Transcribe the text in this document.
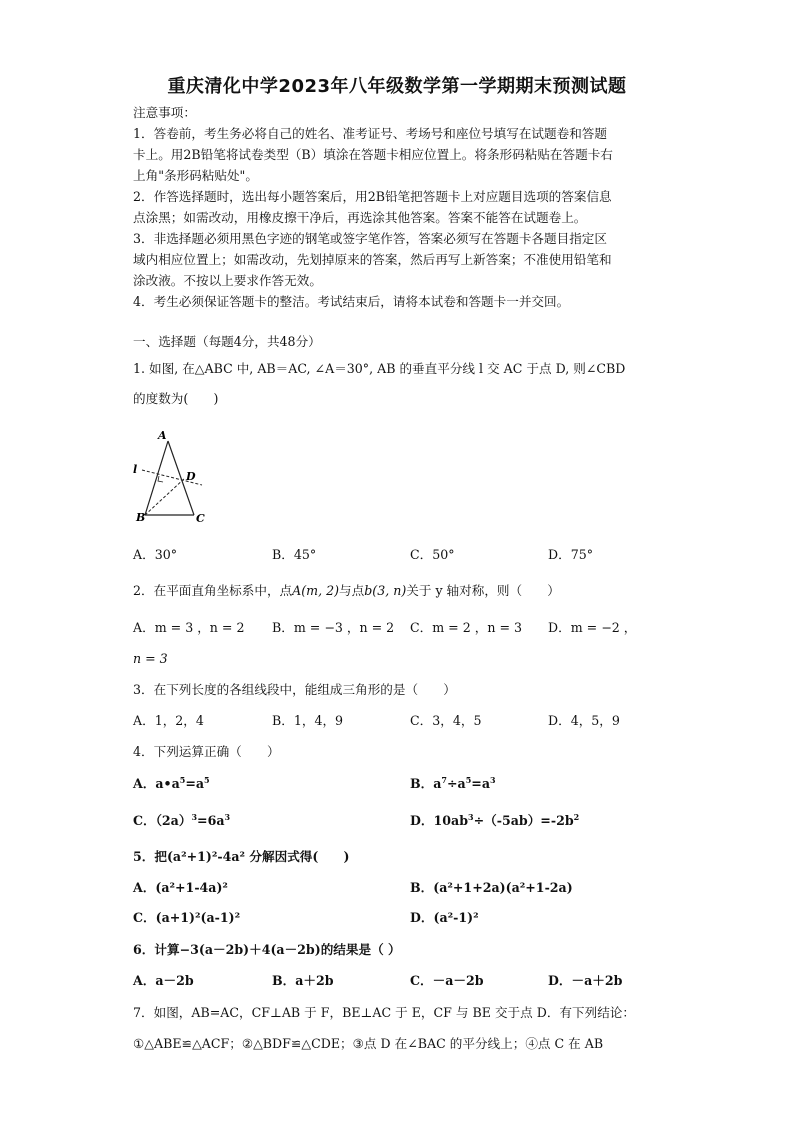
重庆清化中学2023年八年级数学第一学期期末预测试题
注意事项：
1．答卷前，考生务必将自己的姓名、准考证号、考场号和座位号填写在试题卷和答题
卡上。用2B铅笔将试卷类型（B）填涂在答题卡相应位置上。将条形码粘贴在答题卡右
上角"条形码粘贴处"。
2．作答选择题时，选出每小题答案后，用2B铅笔把答题卡上对应题目选项的答案信息
点涂黑；如需改动，用橡皮擦干净后，再选涂其他答案。答案不能答在试题卷上。
3．非选择题必须用黑色字迹的钢笔或签字笔作答，答案必须写在答题卡各题目指定区
域内相应位置上；如需改动，先划掉原来的答案，然后再写上新答案；不准使用铅笔和
涂改液。不按以上要求作答无效。
4．考生必须保证答题卡的整洁。考试结束后，请将本试卷和答题卡一并交回。
一、选择题（每题4分，共48分）
1. 如图, 在△ABC 中, AB＝AC, ∠A＝30°, AB 的垂直平分线 l 交 AC 于点 D, 则∠CBD
的度数为(　　)
A
l
D
B	C
A．30°	B．45°	C．50°	D．75°
2．在平面直角坐标系中，点A(m, 2)与点b(3, n)关于 y 轴对称，则（　　）
A．m = 3 ，n = 2 B．m = −3 ，n = 2 C．m = 2 ，n = 3 D．m = −2 ，
n = 3
3．在下列长度的各组线段中，能组成三角形的是（　　）
A．1，2，4	B．1，4，9	C．3，4，5	D．4，5，9
4．下列运算正确（　　）
A．$a•a^5=a^5$	B．$a^7\div a^5=a^3$
C．$(2a)^3=6a^3$	D．$10ab^3\div(-5ab)=-2b^2$
5．把(a²+1)²-4a² 分解因式得(　　)
A．(a²+1-4a)²	B．(a²+1+2a)(a²+1-2a)
C．(a+1)²(a-1)²	D．(a²-1)²
6．计算−3(a－2b)＋4(a－2b)的结果是（ ）
A．a－2b	B．a＋2b	C．－a－2b	D．－a＋2b
7．如图，AB=AC，CF⊥AB 于 F，BE⊥AC 于 E，CF 与 BE 交于点 D．有下列结论：
①△ABE≌△ACF；②△BDF≌△CDE；③点 D 在∠BAC 的平分线上；④点 C 在 AB
